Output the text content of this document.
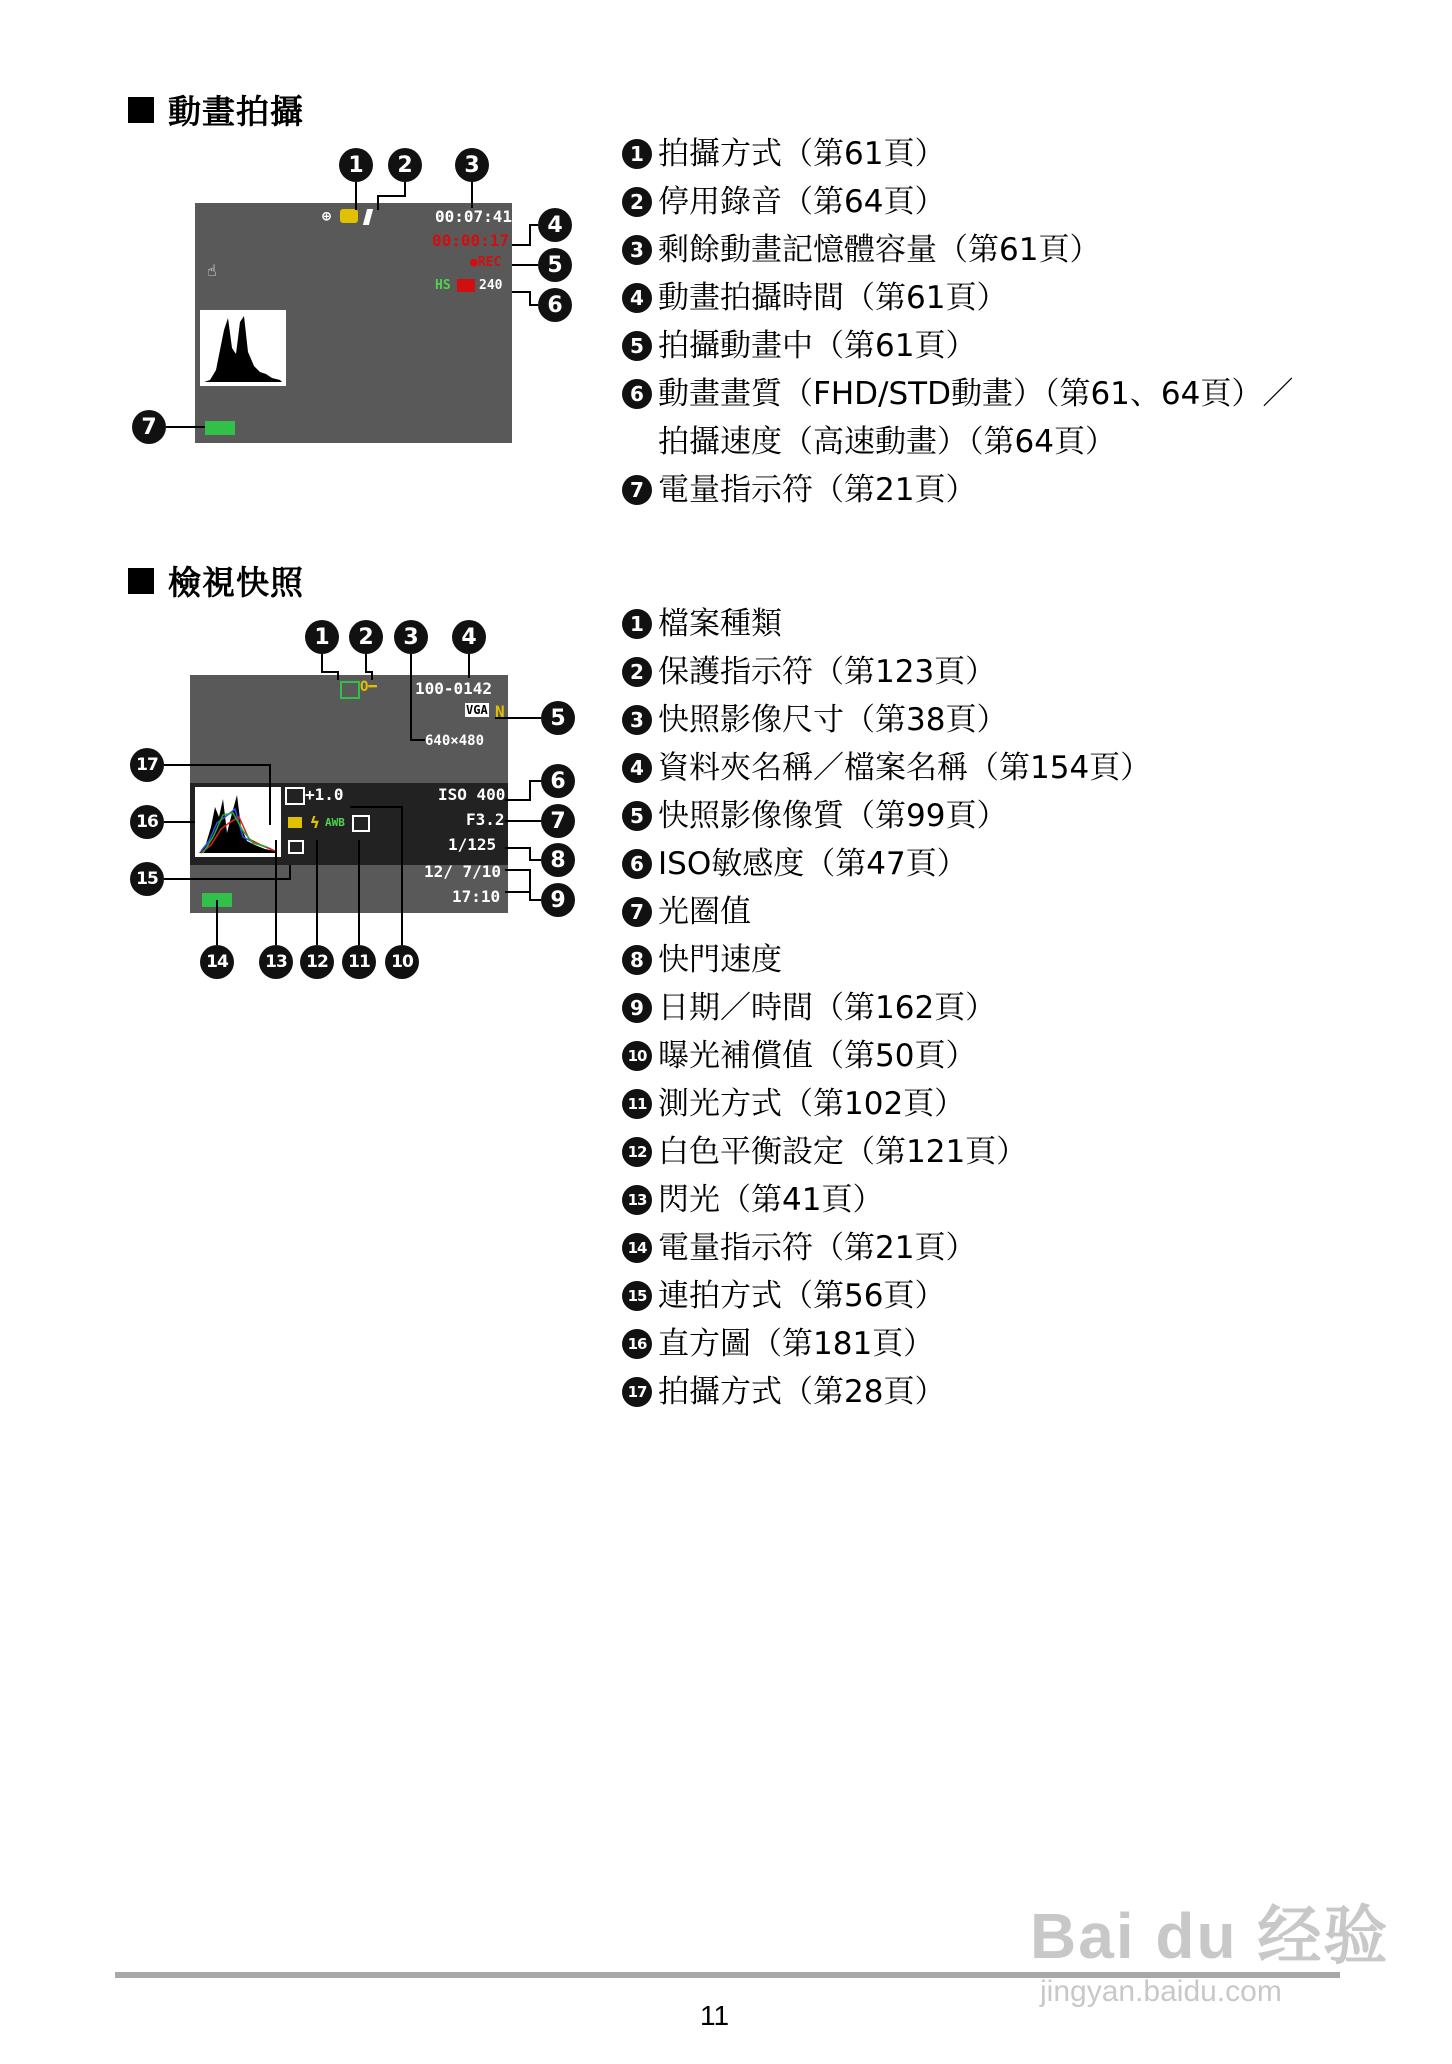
動畫拍攝
⊕	00:07:41
00:00:17
●REC
HS 240
☝
1	2	3
4
5
6
7
1 拍攝方式（第61頁）
2 停用錄音（第64頁）
3 剩餘動畫記憶體容量（第61頁）
4 動畫拍攝時間（第61頁）
5 拍攝動畫中（第61頁）
6 動畫畫質（FHD/STD動畫）（第61、64頁）／
拍攝速度（高速動畫）（第64頁）
7 電量指示符（第21頁）
檢視快照
O━ 100-0142
VGA N
640×480
+1.0	ISO 400
F3.2
1/125
12/ 7/10
17:10
ϟ AWB
1	2	3	4
5
6
7
8
9
10
11
12
13
14
15
16
17
1 檔案種類
2 保護指示符（第123頁）
3 快照影像尺寸（第38頁）
4 資料夾名稱／檔案名稱（第154頁）
5 快照影像像質（第99頁）
6 ISO敏感度（第47頁）
7 光圈值
8 快門速度
9 日期／時間（第162頁）
10 曝光補償值（第50頁）
11 測光方式（第102頁）
12 白色平衡設定（第121頁）
13 閃光（第41頁）
14 電量指示符（第21頁）
15 連拍方式（第56頁）
16 直方圖（第181頁）
17 拍攝方式（第28頁）
11
Bai du 经验
jingyan.baidu.com
